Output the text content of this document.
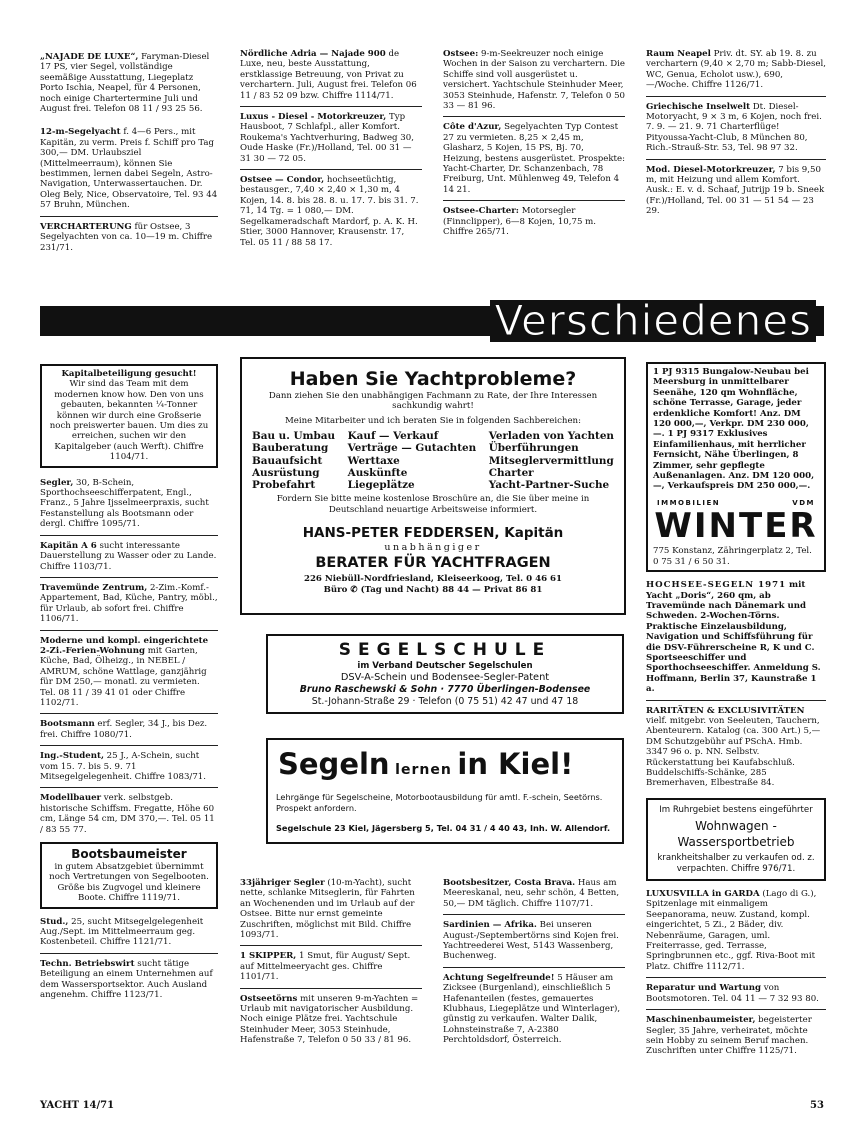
„NAJADE DE LUXE“, Faryman-Diesel 17 PS, vier Segel, vollständige seemäßige Ausstattung, Liegeplatz Porto Ischia, Neapel, für 4 Personen, noch einige Chartertermine Juli und August frei. Telefon 08 11 / 93 25 56.

12-m-Segelyacht f. 4—6 Pers., mit Kapitän, zu verm. Preis f. Schiff pro Tag 300,— DM. Urlaubsziel (Mittelmeerraum), können Sie bestimmen, lernen dabei Segeln, Astro-Navigation, Unterwassertauchen. Dr. Oleg Bely, Nice, Observatoire, Tel. 93 44 57 Bruhn, München.

VERCHARTERUNG für Ostsee, 3 Segelyachten von ca. 10—19 m. Chiffre 231/71.

Nördliche Adria — Najade 900 de Luxe, neu, beste Ausstattung, erstklassige Betreuung, von Privat zu verchartern. Juli, August frei. Telefon 06 11 / 83 52 09 bzw. Chiffre 1114/71.

Luxus - Diesel - Motorkreuzer, Typ Hausboot, 7 Schlafpl., aller Komfort. Roukema's Yachtverhuring, Badweg 30, Oude Haske (Fr.)/Holland, Tel. 00 31 — 31 30 — 72 05.

Ostsee — Condor, hochseetüchtig, bestausger., 7,40 × 2,40 × 1,30 m, 4 Kojen, 14. 8. bis 28. 8. u. 17. 7. bis 31. 7. 71, 14 Tg. = 1 080,— DM. Segelkameradschaft Mardorf, p. A. K. H. Stier, 3000 Hannover, Krausenstr. 17, Tel. 05 11 / 88 58 17.

Ostsee: 9-m-Seekreuzer noch einige Wochen in der Saison zu verchartern. Die Schiffe sind voll ausgerüstet u. versichert. Yachtschule Steinhuder Meer, 3053 Steinhude, Hafenstr. 7, Telefon 0 50 33 — 81 96.

Côte d'Azur, Segelyachten Typ Contest 27 zu vermieten. 8,25 × 2,45 m, Glasharz, 5 Kojen, 15 PS, Bj. 70, Heizung, bestens ausgerüstet. Prospekte: Yacht-Charter, Dr. Schanzenbach, 78 Freiburg, Unt. Mühlenweg 49, Telefon 4 14 21.

Ostsee-Charter: Motorsegler (Finnclipper), 6—8 Kojen, 10,75 m. Chiffre 265/71.

Raum Neapel Priv. dt. SY. ab 19. 8. zu verchartern (9,40 × 2,70 m; Sabb-Diesel, WC, Genua, Echolot usw.), 690,—/Woche. Chiffre 1126/71.

Griechische Inselwelt Dt. Diesel-Motoryacht, 9 × 3 m, 6 Kojen, noch frei. 7. 9. — 21. 9. 71 Charterflüge! Pityoussa-Yacht-Club, 8 München 80, Rich.-Strauß-Str. 53, Tel. 98 97 32.

Mod. Diesel-Motorkreuzer, 7 bis 9,50 m, mit Heizung und allem Komfort. Ausk.: E. v. d. Schaaf, Jutrijp 19 b. Sneek (Fr.)/Holland, Tel. 00 31 — 51 54 — 23 29.

Verschiedenes
Kapitalbeteiligung gesucht!
Wir sind das Team mit dem modernen know how. Den von uns gebauten, bekannten ¼-Tonner können wir durch eine Großserie noch preiswerter bauen. Um dies zu erreichen, suchen wir den Kapitalgeber (auch Werft). Chiffre 1104/71.

Segler, 30, B-Schein, Sporthochseeschifferpatent, Engl., Franz., 5 Jahre Ijsselmeerpraxis, sucht Festanstellung als Bootsmann oder dergl. Chiffre 1095/71.

Kapitän A 6 sucht interessante Dauerstellung zu Wasser oder zu Lande. Chiffre 1103/71.

Travemünde Zentrum, 2-Zim.-Komf.-Appartement, Bad, Küche, Pantry, möbl., für Urlaub, ab sofort frei. Chiffre 1106/71.

Moderne und kompl. eingerichtete 2-Zi.-Ferien-Wohnung mit Garten, Küche, Bad, Ölheizg., in NEBEL / AMRUM, schöne Wattlage, ganzjährig für DM 250,— monatl. zu vermieten. Tel. 08 11 / 39 41 01 oder Chiffre 1102/71.

Bootsmann erf. Segler, 34 J., bis Dez. frei. Chiffre 1080/71.

Ing.-Student, 25 J., A-Schein, sucht vom 15. 7. bis 5. 9. 71 Mitsegelgelegenheit. Chiffre 1083/71.

Modellbauer verk. selbstgeb. historische Schiffsm. Fregatte, Höhe 60 cm, Länge 54 cm, DM 370,—. Tel. 05 11 / 83 55 77.

Bootsbaumeister
in gutem Absatzgebiet übernimmt noch Vertretungen von Segelbooten. Größe bis Zugvogel und kleinere Boote. Chiffre 1119/71.

Stud., 25, sucht Mitsegelgelegenheit Aug./Sept. im Mittelmeerraum geg. Kostenbeteil. Chiffre 1121/71.

Techn. Betriebswirt sucht tätige Beteiligung an einem Unternehmen auf dem Wassersportsektor. Auch Ausland angenehm. Chiffre 1123/71.

Haben Sie Yachtprobleme?
Dann ziehen Sie den unabhängigen Fachmann zu Rate, der Ihre Interessen sachkundig wahrt!
Meine Mitarbeiter und ich beraten Sie in folgenden Sachbereichen:
Bau u. Umbau
Bauberatung
Bauaufsicht
Ausrüstung
Probefahrt
Kauf — Verkauf
Verträge — Gutachten
Werttaxe
Auskünfte
Liegeplätze
Verladen von Yachten
Überführungen
Mitseglervermittlung
Charter
Yacht-Partner-Suche
Fordern Sie bitte meine kostenlose Broschüre an, die Sie über meine in Deutschland neuartige Arbeitsweise informiert.
HANS-PETER FEDDERSEN, Kapitän
unabhängiger
BERATER FÜR YACHTFRAGEN
226 Niebüll-Nordfriesland, Kleiseerkoog, Tel. 0 46 61
Büro ✆ (Tag und Nacht) 88 44 — Privat 86 81
SEGELSCHULE
im Verband Deutscher Segelschulen
DSV-A-Schein und Bodensee-Segler-Patent
Bruno Raschewski & Sohn · 7770 Überlingen-Bodensee
St.-Johann-Straße 29 · Telefon (0 75 51) 42 47 und 47 18
Segeln lernen in Kiel!
Lehrgänge für Segelscheine, Motorbootausbildung für amtl. F.-schein, Seetörns. Prospekt anfordern.
Segelschule 23 Kiel, Jägersberg 5, Tel. 04 31 / 4 40 43, Inh. W. Allendorf.

33jähriger Segler (10-m-Yacht), sucht nette, schlanke Mitseglerin, für Fahrten an Wochenenden und im Urlaub auf der Ostsee. Bitte nur ernst gemeinte Zuschriften, möglichst mit Bild. Chiffre 1093/71.

1 SKIPPER, 1 Smut, für August/ Sept. auf Mittelmeeryacht ges. Chiffre 1101/71.

Ostseetörns mit unseren 9-m-Yachten = Urlaub mit navigatorischer Ausbildung. Noch einige Plätze frei. Yachtschule Steinhuder Meer, 3053 Steinhude, Hafenstraße 7, Telefon 0 50 33 / 81 96.

Bootsbesitzer, Costa Brava. Haus am Meereskanal, neu, sehr schön, 4 Betten, 50,— DM täglich. Chiffre 1107/71.

Sardinien — Afrika. Bei unseren August-/Septembertörns sind Kojen frei. Yachtreederei West, 5143 Wassenberg, Buchenweg.

Achtung Segelfreunde! 5 Häuser am Zicksee (Burgenland), einschließlich 5 Hafenanteilen (festes, gemauertes Klubhaus, Liegeplätze und Winterlager), günstig zu verkaufen. Walter Dalik, Lohnsteinstraße 7, A-2380 Perchtoldsdorf, Österreich.

1 PJ 9315 Bungalow-Neubau bei Meersburg in unmittelbarer Seenähe, 120 qm Wohnfläche, schöne Terrasse, Garage, jeder erdenkliche Komfort! Anz. DM 120 000,—, Verkpr. DM 230 000,—. 1 PJ 9317 Exklusives Einfamilienhaus, mit herrlicher Fernsicht, Nähe Überlingen, 8 Zimmer, sehr gepflegte Außenanlagen. Anz. DM 120 000,—, Verkaufspreis DM 250 000,—.
IMMOBILIEN	VDM
WINTER
775 Konstanz, Zähringerplatz 2, Tel. 0 75 31 / 6 50 31.

HOCHSEE-SEGELN 1971 mit Yacht „Doris“, 260 qm, ab Travemünde nach Dänemark und Schweden. 2-Wochen-Törns. Praktische Einzelausbildung, Navigation und Schiffsführung für die DSV-Führerscheine R, K und C. Sportseeschiffer und Sporthochseeschiffer. Anmeldung S. Hoffmann, Berlin 37, Kaunstraße 1 a.

RARITÄTEN & EXCLUSIVITÄTEN vielf. mitgebr. von Seeleuten, Tauchern, Abenteurern. Katalog (ca. 300 Art.) 5,— DM Schutzgebühr auf PSchA. Hmb. 3347 96 o. p. NN. Selbstv. Rückerstattung bei Kaufabschluß. Buddelschiffs-Schänke, 285 Bremerhaven, Elbestraße 84.

Im Ruhrgebiet bestens eingeführter
Wohnwagen - Wassersportbetrieb
krankheitshalber zu verkaufen od. z. verpachten. Chiffre 976/71.

LUXUSVILLA in GARDA (Lago di G.), Spitzenlage mit einmaligem Seepanorama, neuw. Zustand, kompl. eingerichtet, 5 Zi., 2 Bäder, div. Nebenräume, Garagen, uml. Freiterrasse, ged. Terrasse, Springbrunnen etc., ggf. Riva-Boot mit Platz. Chiffre 1112/71.

Reparatur und Wartung von Bootsmotoren. Tel. 04 11 — 7 32 93 80.

Maschinenbaumeister, begeisterter Segler, 35 Jahre, verheiratet, möchte sein Hobby zu seinem Beruf machen. Zuschriften unter Chiffre 1125/71.

YACHT 14/71	53
